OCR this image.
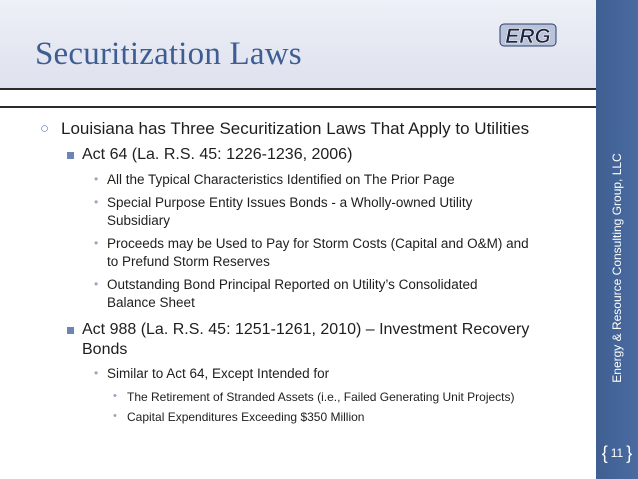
Securitization Laws	ERG
Energy & Resource Consulting Group, LLC
{ 11 }
○ Louisiana has Three Securitization Laws That Apply to Utilities
Act 64 (La. R.S. 45: 1226-1236, 2006)
• All the Typical Characteristics Identified on The Prior Page
• Special Purpose Entity Issues Bonds - a Wholly-owned Utility
Subsidiary
• Proceeds may be Used to Pay for Storm Costs (Capital and O&M) and
to Prefund Storm Reserves
• Outstanding Bond Principal Reported on Utility’s Consolidated
Balance Sheet
Act 988 (La. R.S. 45: 1251-1261, 2010) – Investment Recovery
Bonds
• Similar to Act 64, Except Intended for
• The Retirement of Stranded Assets (i.e., Failed Generating Unit Projects)
• Capital Expenditures Exceeding $350 Million
